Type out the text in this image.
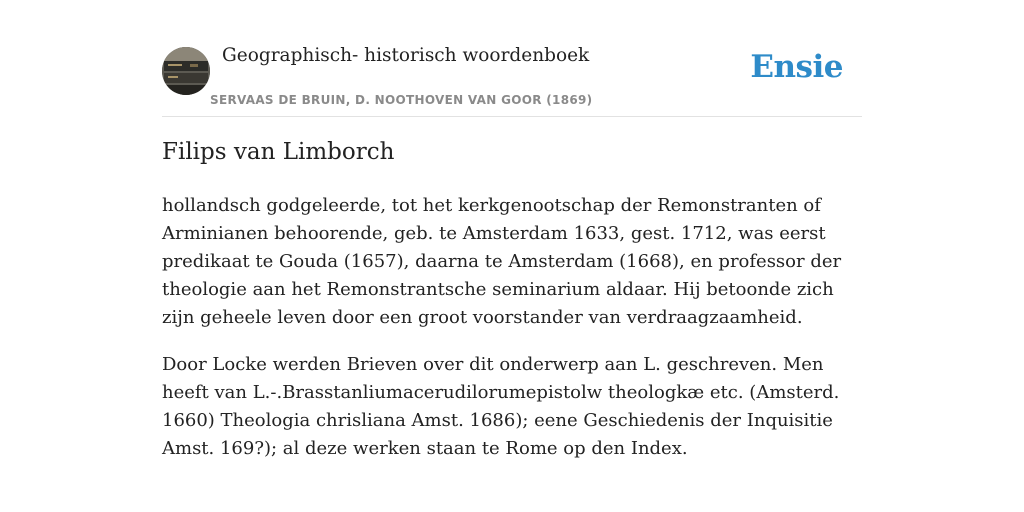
Geographisch- historisch woordenboek
SERVAAS DE BRUIN, D. NOOTHOVEN VAN GOOR (1869)
Ensie
Filips van Limborch

hollandsch godgeleerde, tot het kerkgenootschap der Remonstranten of Arminianen behoorende, geb. te Amsterdam 1633, gest. 1712, was eerst predikaat te Gouda (1657), daarna te Amsterdam (1668), en professor der theologie aan het Remonstrantsche seminarium aldaar. Hij betoonde zich zijn geheele leven door een groot voorstander van verdraagzaamheid.

Door Locke werden Brieven over dit onderwerp aan L. geschreven. Men heeft van L.-.Brasstanliumacerudilorumepistolw theologkæ etc. (Amsterd. 1660) Theologia chrisliana Amst. 1686); eene Geschiedenis der Inquisitie Amst. 169?); al deze werken staan te Rome op den Index.
